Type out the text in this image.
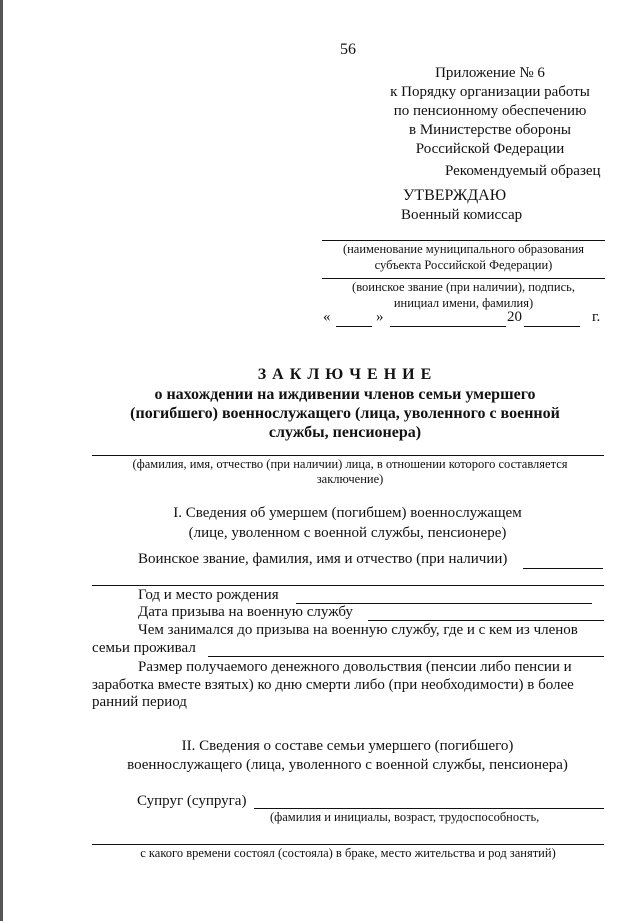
56
Приложение № 6
к Порядку организации работы
по пенсионному обеспечению
в Министерстве обороны
Российской Федерации
Рекомендуемый образец
УТВЕРЖДАЮ
Военный комиссар
(наименование муниципального образования
субъекта Российской Федерации)
(воинское звание (при наличии), подпись,
инициал имени, фамилия)
«	»	20	г.
З А К Л Ю Ч Е Н И Е
о нахождении на иждивении членов семьи умершего
(погибшего) военнослужащего (лица, уволенного с военной
службы, пенсионера)
(фамилия, имя, отчество (при наличии) лица, в отношении которого составляется
заключение)
I. Сведения об умершем (погибшем) военнослужащем
(лице, уволенном с военной службы, пенсионере)
Воинское звание, фамилия, имя и отчество (при наличии)
Год и место рождения
Дата призыва на военную службу
Чем занимался до призыва на военную службу, где и с кем из членов
семьи проживал
Размер получаемого денежного довольствия (пенсии либо пенсии и
заработка вместе взятых) ко дню смерти либо (при необходимости) в более
ранний период
II. Сведения о составе семьи умершего (погибшего)
военнослужащего (лица, уволенного с военной службы, пенсионера)
Супруг (супруга)
(фамилия и инициалы, возраст, трудоспособность,
с какого времени состоял (состояла) в браке, место жительства и род занятий)
